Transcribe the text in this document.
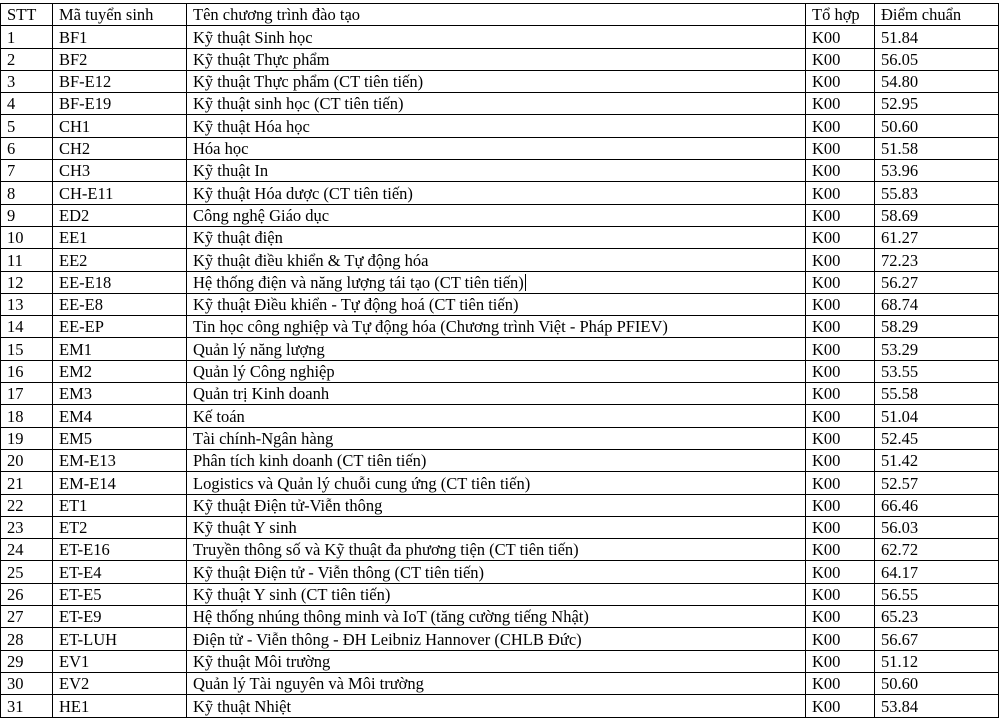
STT	Mã tuyển sinh	Tên chương trình đào tạo	Tổ hợp	Điểm chuẩn
1	BF1	Kỹ thuật Sinh học	K00	51.84
2	BF2	Kỹ thuật Thực phẩm	K00	56.05
3	BF-E12	Kỹ thuật Thực phẩm (CT tiên tiến)	K00	54.80
4	BF-E19	Kỹ thuật sinh học (CT tiên tiến)	K00	52.95
5	CH1	Kỹ thuật Hóa học	K00	50.60
6	CH2	Hóa học	K00	51.58
7	CH3	Kỹ thuật In	K00	53.96
8	CH-E11	Kỹ thuật Hóa dược (CT tiên tiến)	K00	55.83
9	ED2	Công nghệ Giáo dục	K00	58.69
10	EE1	Kỹ thuật điện	K00	61.27
11	EE2	Kỹ thuật điều khiển & Tự động hóa	K00	72.23
12	EE-E18	Hệ thống điện và năng lượng tái tạo (CT tiên tiến)	K00	56.27
13	EE-E8	Kỹ thuật Điều khiển - Tự động hoá (CT tiên tiến)	K00	68.74
14	EE-EP	Tin học công nghiệp và Tự động hóa (Chương trình Việt - Pháp PFIEV)	K00	58.29
15	EM1	Quản lý năng lượng	K00	53.29
16	EM2	Quản lý Công nghiệp	K00	53.55
17	EM3	Quản trị Kinh doanh	K00	55.58
18	EM4	Kế toán	K00	51.04
19	EM5	Tài chính-Ngân hàng	K00	52.45
20	EM-E13	Phân tích kinh doanh (CT tiên tiến)	K00	51.42
21	EM-E14	Logistics và Quản lý chuỗi cung ứng (CT tiên tiến)	K00	52.57
22	ET1	Kỹ thuật Điện tử-Viễn thông	K00	66.46
23	ET2	Kỹ thuật Y sinh	K00	56.03
24	ET-E16	Truyền thông số và Kỹ thuật đa phương tiện (CT tiên tiến)	K00	62.72
25	ET-E4	Kỹ thuật Điện tử - Viễn thông (CT tiên tiến)	K00	64.17
26	ET-E5	Kỹ thuật Y sinh (CT tiên tiến)	K00	56.55
27	ET-E9	Hệ thống nhúng thông minh và IoT (tăng cường tiếng Nhật)	K00	65.23
28	ET-LUH	Điện tử - Viễn thông - ĐH Leibniz Hannover (CHLB Đức)	K00	56.67
29	EV1	Kỹ thuật Môi trường	K00	51.12
30	EV2	Quản lý Tài nguyên và Môi trường	K00	50.60
31	HE1	Kỹ thuật Nhiệt	K00	53.84
